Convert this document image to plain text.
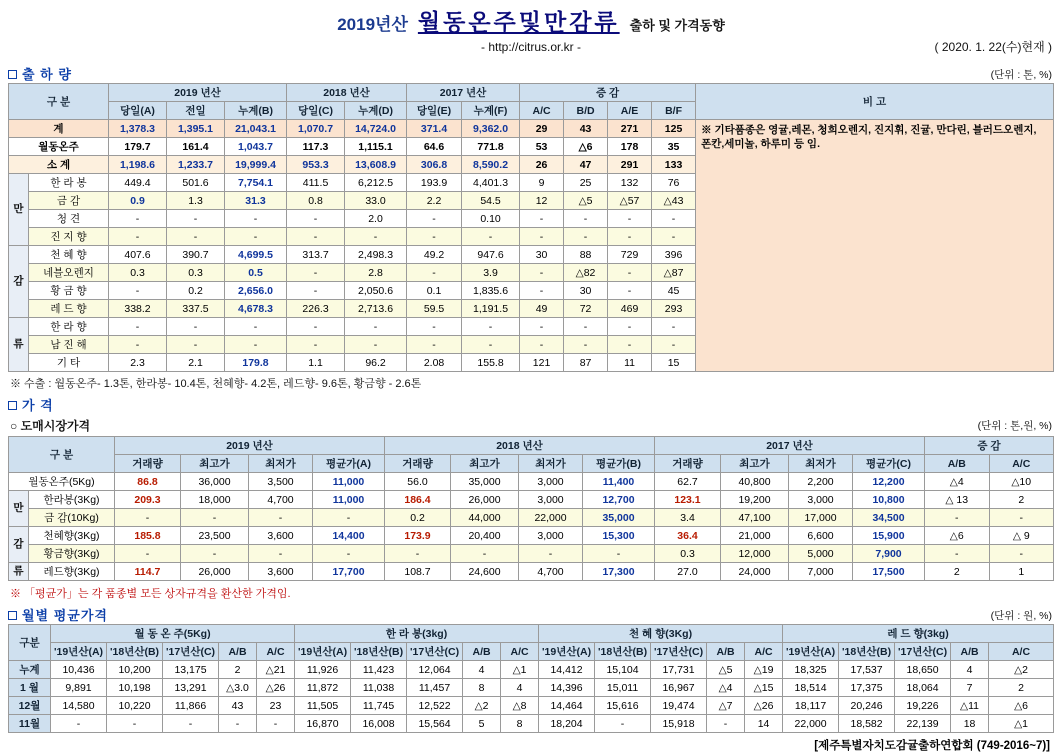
2019년산 월동온주및만감류 출하 및 가격동향
- http://citrus.or.kr -	( 2020. 1. 22(수)현재 )
출 하 량	(단위 : 톤, %)
구 분		2019 년산			2018 년산		2017 년산		증 감				비 고
		당일(A)	전일	누계(B)	당일(C)	누계(D)	당일(E)	누계(F)	A/C	B/D	A/E	B/F	
계		1,378.3	1,395.1	21,043.1	1,070.7	14,724.0	371.4	9,362.0	29	43	271	125	※ 기타품종은 영귤,레몬, 청희오렌지, 진지휘, 진귤, 만다린, 블러드오렌지, 폰칸,세미놀, 하루미 등 임.
월동온주		179.7	161.4	1,043.7	117.3	1,115.1	64.6	771.8	53	△6	178	35	
소 계		1,198.6	1,233.7	19,999.4	953.3	13,608.9	306.8	8,590.2	26	47	291	133	
만	한 라 봉	449.4	501.6	7,754.1	411.5	6,212.5	193.9	4,401.3	9	25	132	76	
	금 감	0.9	1.3	31.3	0.8	33.0	2.2	54.5	12	△5	△57	△43	
	청 견	-	-	-	-	2.0	-	0.10	-	-	-	-	
	진 지 향	-	-	-	-	-	-	-	-	-	-	-	
감	천 혜 향	407.6	390.7	4,699.5	313.7	2,498.3	49.2	947.6	30	88	729	396	
	네블오렌지	0.3	0.3	0.5	-	2.8	-	3.9	-	△82	-	△87	
	황 금 향	-	0.2	2,656.0	-	2,050.6	0.1	1,835.6	-	30	-	45	
	레 드 향	338.2	337.5	4,678.3	226.3	2,713.6	59.5	1,191.5	49	72	469	293	
류	한 라 향	-	-	-	-	-	-	-	-	-	-	-	
	남 진 해	-	-	-	-	-	-	-	-	-	-	-	
	기 타	2.3	2.1	179.8	1.1	96.2	2.08	155.8	121	87	11	15	
※ 수출 : 월동온주- 1.3톤, 한라봉- 10.4톤, 천혜향- 4.2톤, 레드향- 9.6톤, 황금향 - 2.6톤
가 격
○ 도매시장가격	(단위 : 톤,원, %)
구 분		2019 년산				2018 년산				2017 년산				증 감	
		거래량	최고가	최저가	평균가(A)	거래량	최고가	최저가	평균가(B)	거래량	최고가	최저가	평균가(C)	A/B	A/C
월동온주(5Kg)		86.8	36,000	3,500	11,000	56.0	35,000	3,000	11,400	62.7	40,800	2,200	12,200	△4	△10
만	한라봉(3Kg)	209.3	18,000	4,700	11,000	186.4	26,000	3,000	12,700	123.1	19,200	3,000	10,800	△ 13	2
	금 감(10Kg)	-	-	-	-	0.2	44,000	22,000	35,000	3.4	47,100	17,000	34,500	-	-
감	천혜향(3Kg)	185.8	23,500	3,600	14,400	173.9	20,400	3,000	15,300	36.4	21,000	6,600	15,900	△6	△ 9
	황금향(3Kg)	-	-	-	-	-	-	-	-	0.3	12,000	5,000	7,900	-	-
류	레드향(3Kg)	114.7	26,000	3,600	17,700	108.7	24,600	4,700	17,300	27.0	24,000	7,000	17,500	2	1
※ 「평균가」는 각 품종별 모든 상자규격을 환산한 가격임.
월별 평균가격	(단위 : 원, %)
구분	월 동 온 주(5Kg)					한 라 봉(3kg)					천 혜 향(3Kg)					레 드 향(3kg)				
	'19년산(A)	'18년산(B)	'17년산(C)	A/B	A/C	'19년산(A)	'18년산(B)	'17년산(C)	A/B	A/C	'19년산(A)	'18년산(B)	'17년산(C)	A/B	A/C	'19년산(A)	'18년산(B)	'17년산(C)	A/B	A/C
누계	10,436	10,200	13,175	2	△21	11,926	11,423	12,064	4	△1	14,412	15,104	17,731	△5	△19	18,325	17,537	18,650	4	△2
1 월	9,891	10,198	13,291	△3.0	△26	11,872	11,038	11,457	8	4	14,396	15,011	16,967	△4	△15	18,514	17,375	18,064	7	2
12월	14,580	10,220	11,866	43	23	11,505	11,745	12,522	△2	△8	14,464	15,616	19,474	△7	△26	18,117	20,246	19,226	△11	△6
11월	-	-	-	-	-	16,870	16,008	15,564	5	8	18,204	-	15,918	-	14	22,000	18,582	22,139	18	△1
[제주특별자치도감귤출하연합회 (749-2016~7)]
